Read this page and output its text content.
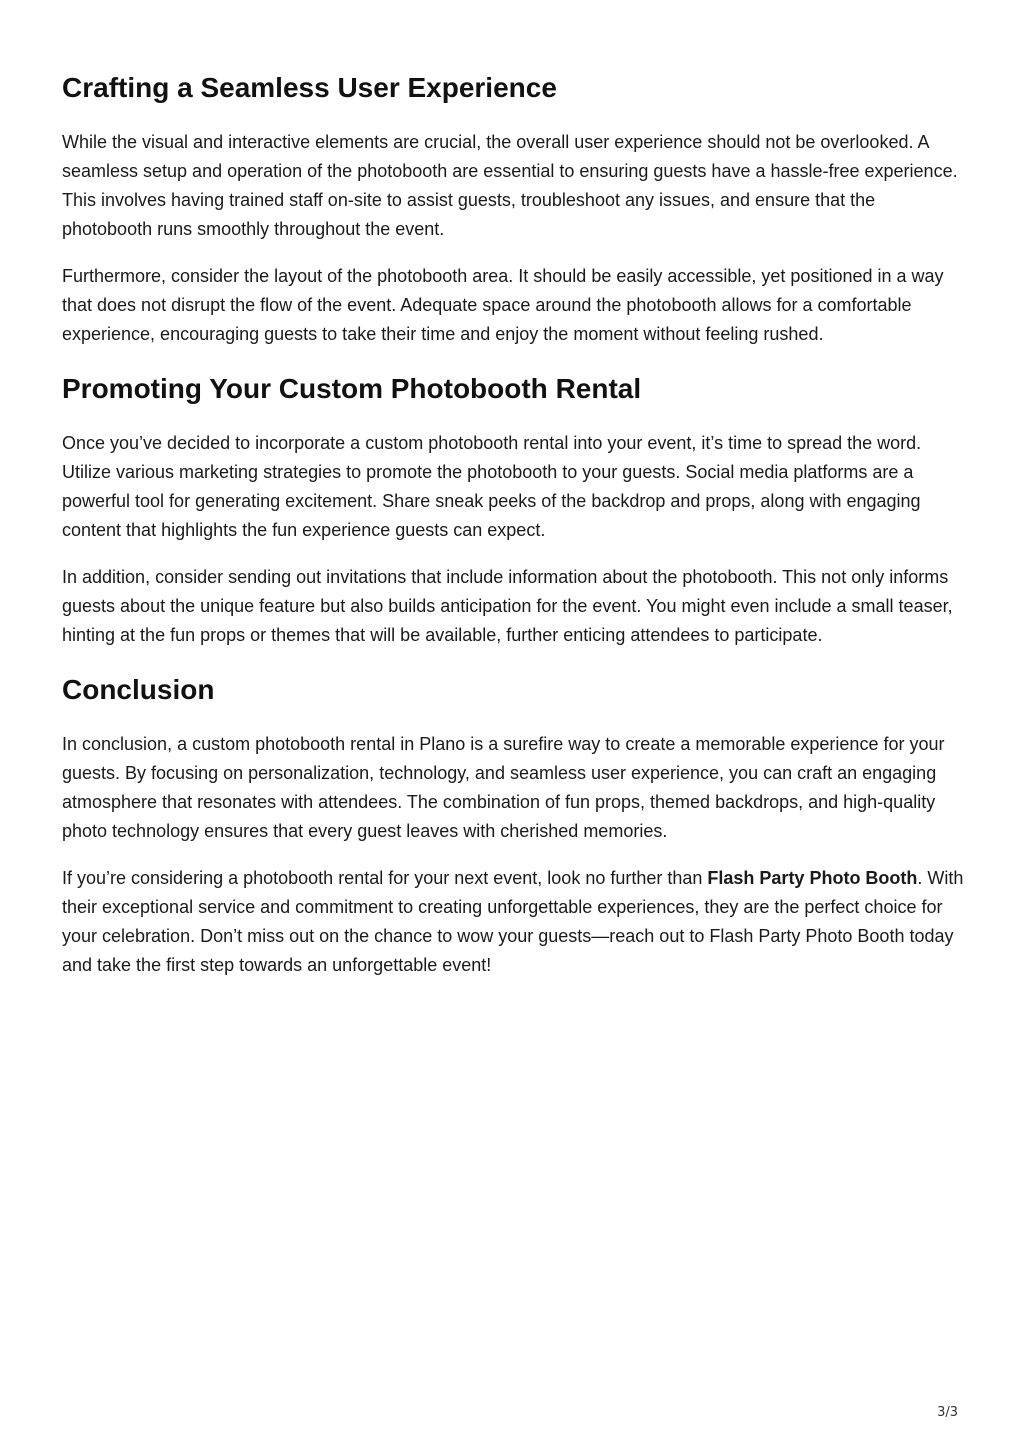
Crafting a Seamless User Experience

While the visual and interactive elements are crucial, the overall user experience should not be overlooked. A seamless setup and operation of the photobooth are essential to ensuring guests have a hassle-free experience. This involves having trained staff on-site to assist guests, troubleshoot any issues, and ensure that the photobooth runs smoothly throughout the event.

Furthermore, consider the layout of the photobooth area. It should be easily accessible, yet positioned in a way that does not disrupt the flow of the event. Adequate space around the photobooth allows for a comfortable experience, encouraging guests to take their time and enjoy the moment without feeling rushed.

Promoting Your Custom Photobooth Rental

Once you’ve decided to incorporate a custom photobooth rental into your event, it’s time to spread the word. Utilize various marketing strategies to promote the photobooth to your guests. Social media platforms are a powerful tool for generating excitement. Share sneak peeks of the backdrop and props, along with engaging content that highlights the fun experience guests can expect.

In addition, consider sending out invitations that include information about the photobooth. This not only informs guests about the unique feature but also builds anticipation for the event. You might even include a small teaser, hinting at the fun props or themes that will be available, further enticing attendees to participate.

Conclusion

In conclusion, a custom photobooth rental in Plano is a surefire way to create a memorable experience for your guests. By focusing on personalization, technology, and seamless user experience, you can craft an engaging atmosphere that resonates with attendees. The combination of fun props, themed backdrops, and high-quality photo technology ensures that every guest leaves with cherished memories.

If you’re considering a photobooth rental for your next event, look no further than Flash Party Photo Booth. With their exceptional service and commitment to creating unforgettable experiences, they are the perfect choice for your celebration. Don’t miss out on the chance to wow your guests—reach out to Flash Party Photo Booth today and take the first step towards an unforgettable event!

3/3
